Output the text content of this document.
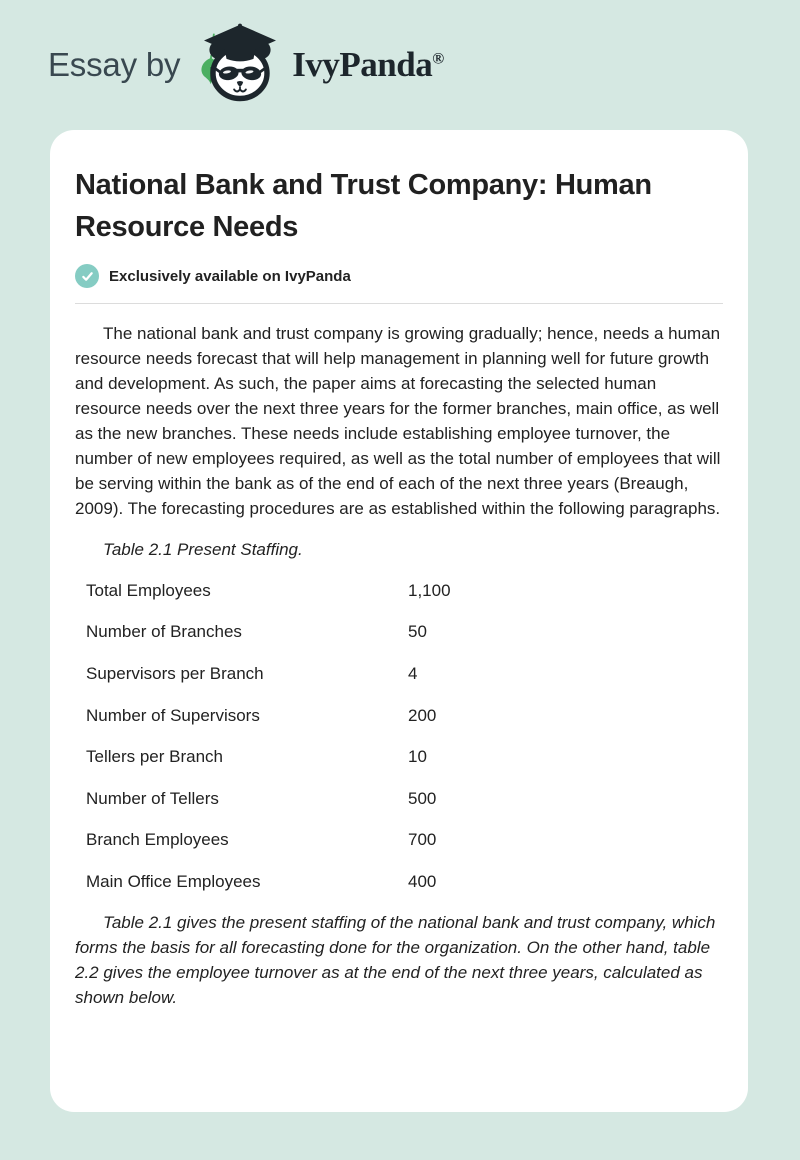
Essay by	IvyPanda®
National Bank and Trust Company: Human Resource Needs
Exclusively available on IvyPanda

The national bank and trust company is growing gradually; hence, needs a human resource needs forecast that will help management in planning well for future growth and development. As such, the paper aims at forecasting the selected human resource needs over the next three years for the former branches, main office, as well as the new branches. These needs include establishing employee turnover, the number of new employees required, as well as the total number of employees that will be serving within the bank as of the end of each of the next three years (Breaugh, 2009). The forecasting procedures are as established within the following paragraphs.

Table 2.1 Present Staffing.

Total Employees	1,100
Number of Branches	50
Supervisors per Branch	4
Number of Supervisors	200
Tellers per Branch	10
Number of Tellers	500
Branch Employees	700
Main Office Employees	400

Table 2.1 gives the present staffing of the national bank and trust company, which forms the basis for all forecasting done for the organization. On the other hand, table 2.2 gives the employee turnover as at the end of the next three years, calculated as shown below.
